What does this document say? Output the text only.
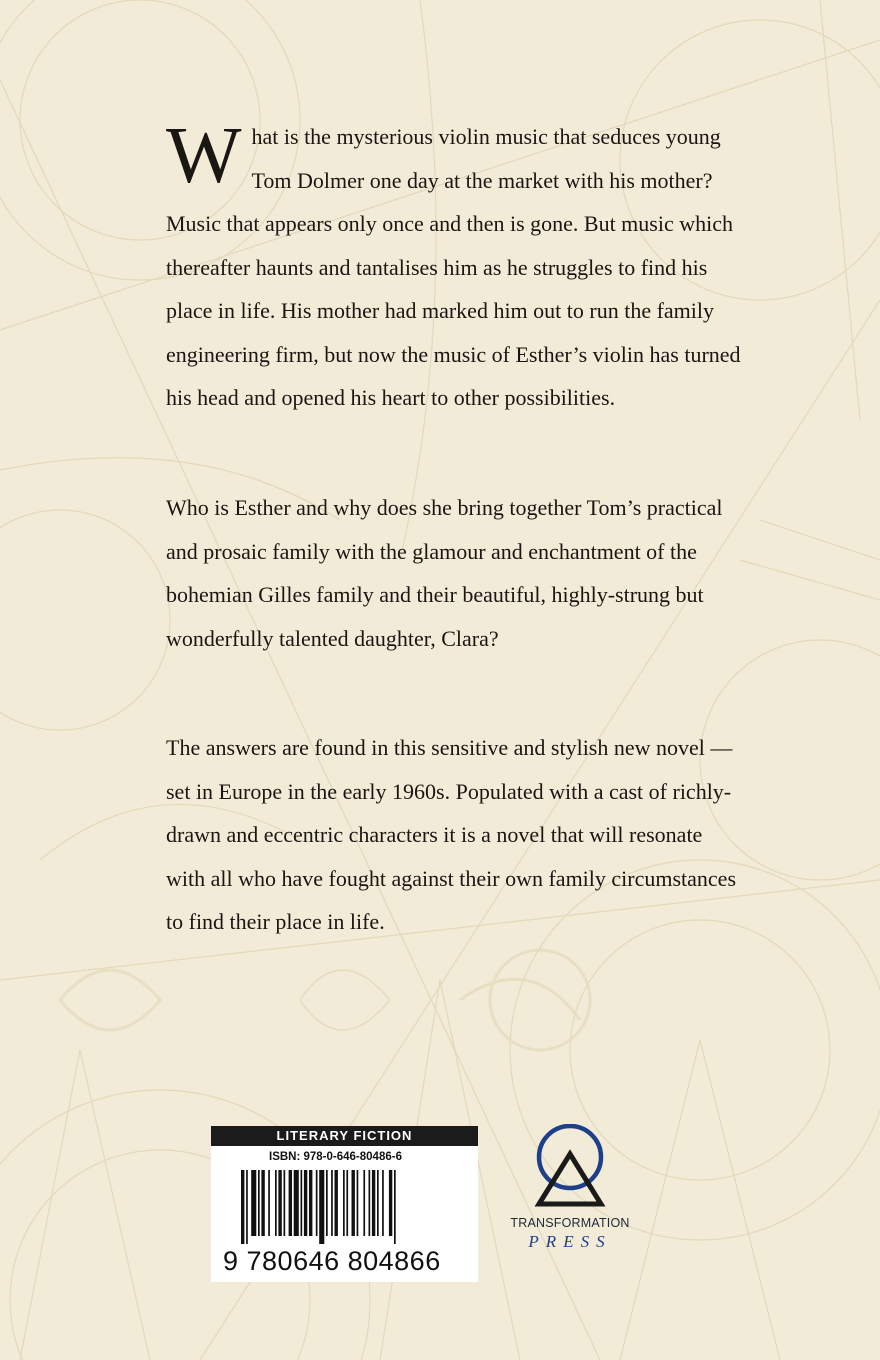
What is the mysterious violin music that seduces young Tom Dolmer one day at the market with his mother? Music that appears only once and then is gone. But music which thereafter haunts and tantalises him as he struggles to find his place in life. His mother had marked him out to run the family engineering firm, but now the music of Esther’s violin has turned his head and opened his heart to other possibilities.

Who is Esther and why does she bring together Tom’s practical and prosaic family with the glamour and enchantment of the bohemian Gilles family and their beautiful, highly-strung but wonderfully talented daughter, Clara?

The answers are found in this sensitive and stylish new novel — set in Europe in the early 1960s. Populated with a cast of richly-drawn and eccentric characters it is a novel that will resonate with all who have fought against their own family circumstances to find their place in life.

LITERARY FICTION
ISBN: 978-0-646-80486-6
9 780646 804866
TRANSFORMATION
PRESS
